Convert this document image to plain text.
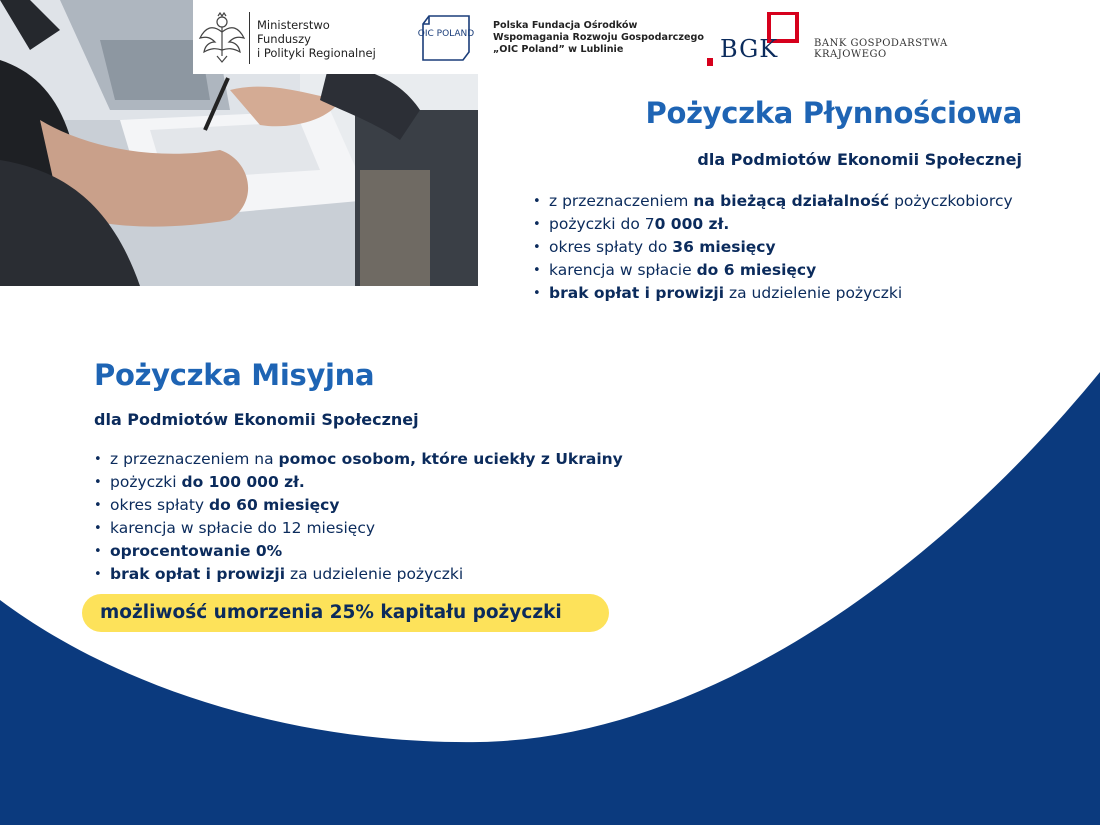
Ministerstwo
Funduszy
i Polityki Regionalnej
OIC POLAND
Polska Fundacja Ośrodków
Wspomagania Rozwoju Gospodarczego
„OIC Poland” w Lublinie	BGK	BANK GOSPODARSTWA
KRAJOWEGO
Pożyczka Płynnościowa
dla Podmiotów Ekonomii Społecznej
• z przeznaczeniem na bieżącą działalność pożyczkobiorcy
• pożyczki do 70 000 zł.
• okres spłaty do 36 miesięcy
• karencja w spłacie do 6 miesięcy
• brak opłat i prowizji za udzielenie pożyczki
Pożyczka Misyjna
dla Podmiotów Ekonomii Społecznej
• z przeznaczeniem na pomoc osobom, które uciekły z Ukrainy
• pożyczki do 100 000 zł.
• okres spłaty do 60 miesięcy
• karencja w spłacie do 12 miesięcy
• oprocentowanie 0%
• brak opłat i prowizji za udzielenie pożyczki
możliwość umorzenia 25% kapitału pożyczki
